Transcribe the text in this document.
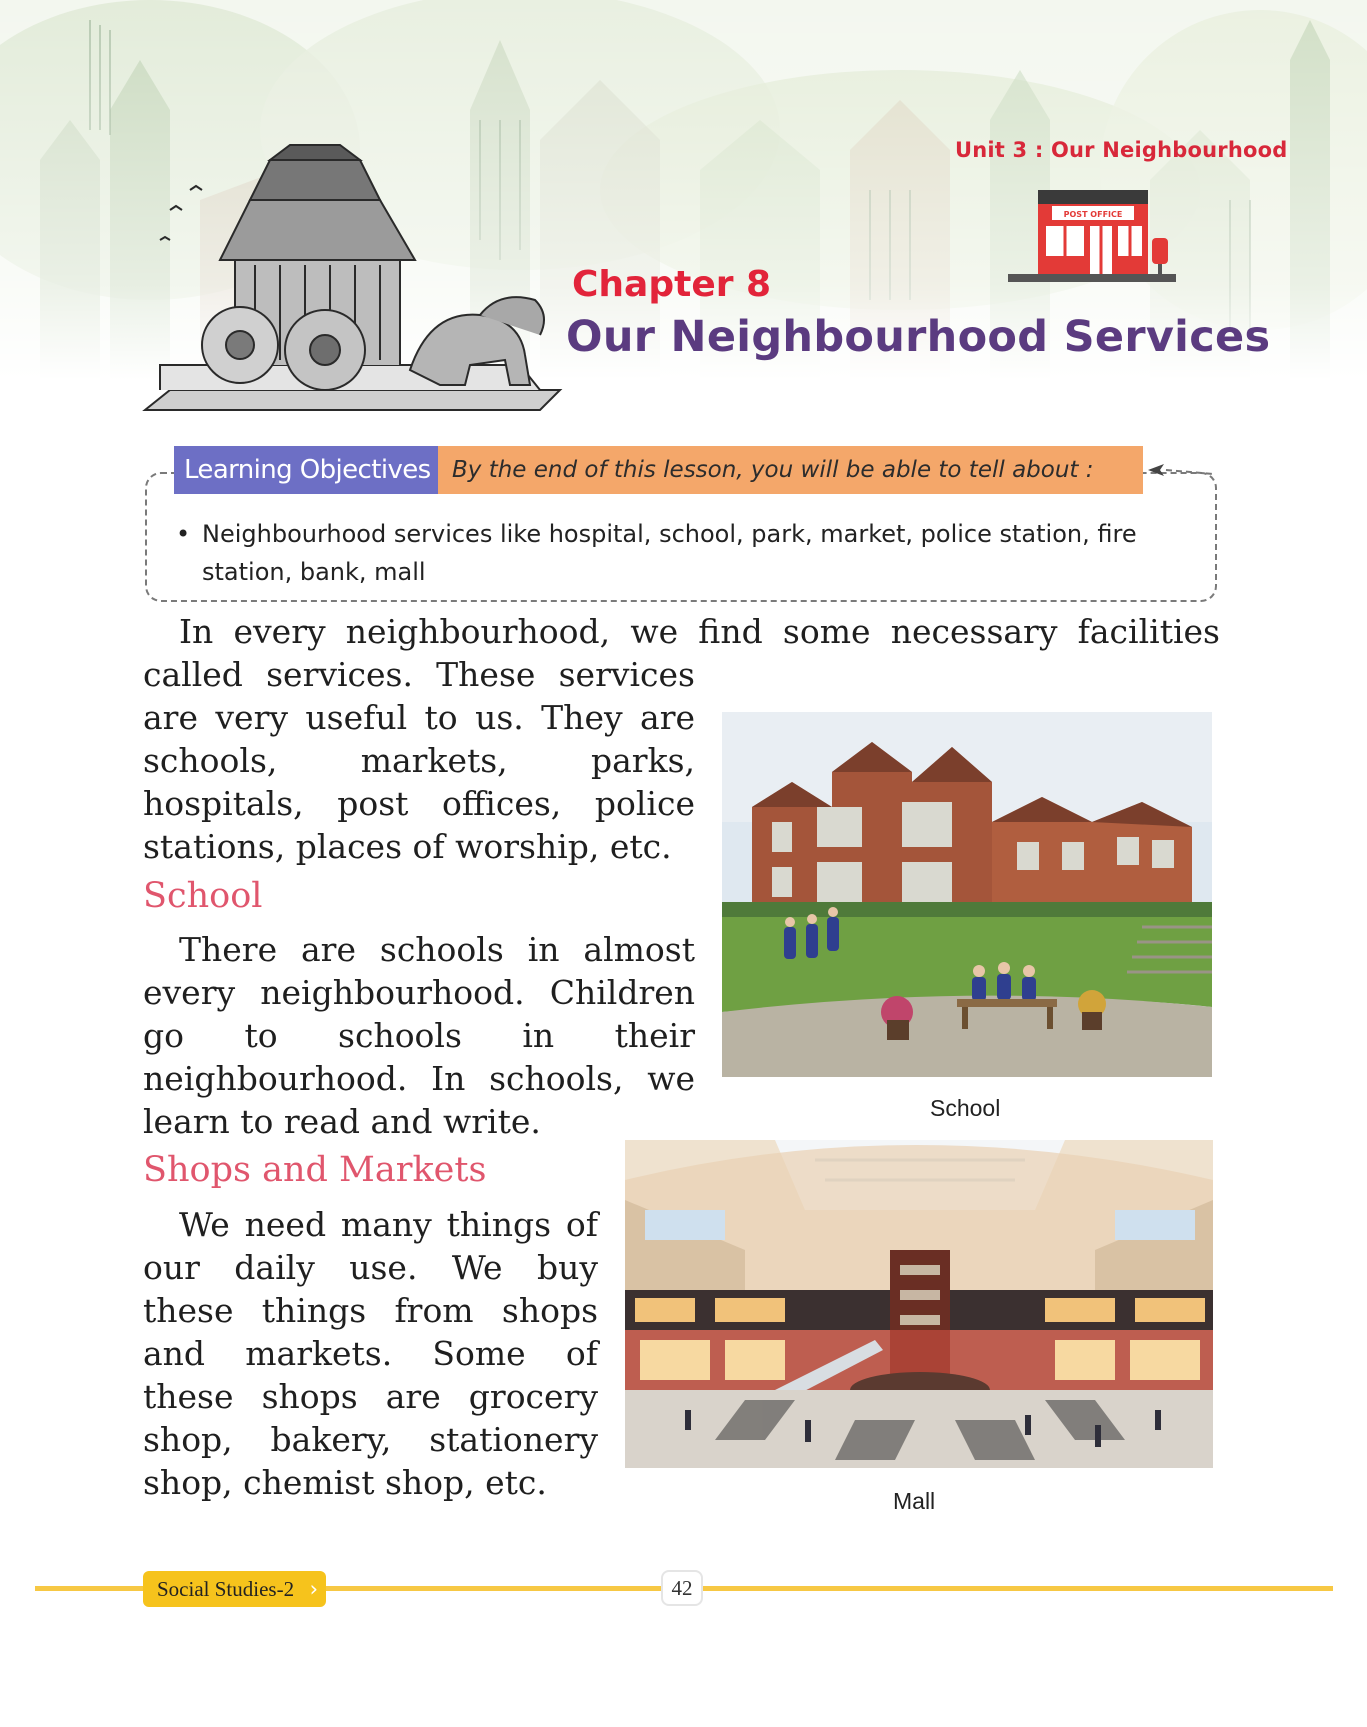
Unit 3 : Our Neighbourhood
POST OFFICE
Chapter 8
Our Neighbourhood Services
Learning Objectives By the end of this lesson, you will be able to tell about :
• Neighbourhood services like hospital, school, park, market, police station, fire station, bank, mall
In every neighbourhood, we find some necessary facilities
called services. These services are very useful to us. They are schools, markets, parks, hospitals, post offices, police stations, places of worship, etc.
School
There are schools in almost every neighbourhood. Children go to schools in their neighbourhood. In schools, we learn to read and write.
Shops and Markets
We need many things of our daily use. We buy these things from shops and markets. Some of these shops are grocery shop, bakery, stationery shop, chemist shop, etc.
School
Mall
Social Studies-2 ›	42
